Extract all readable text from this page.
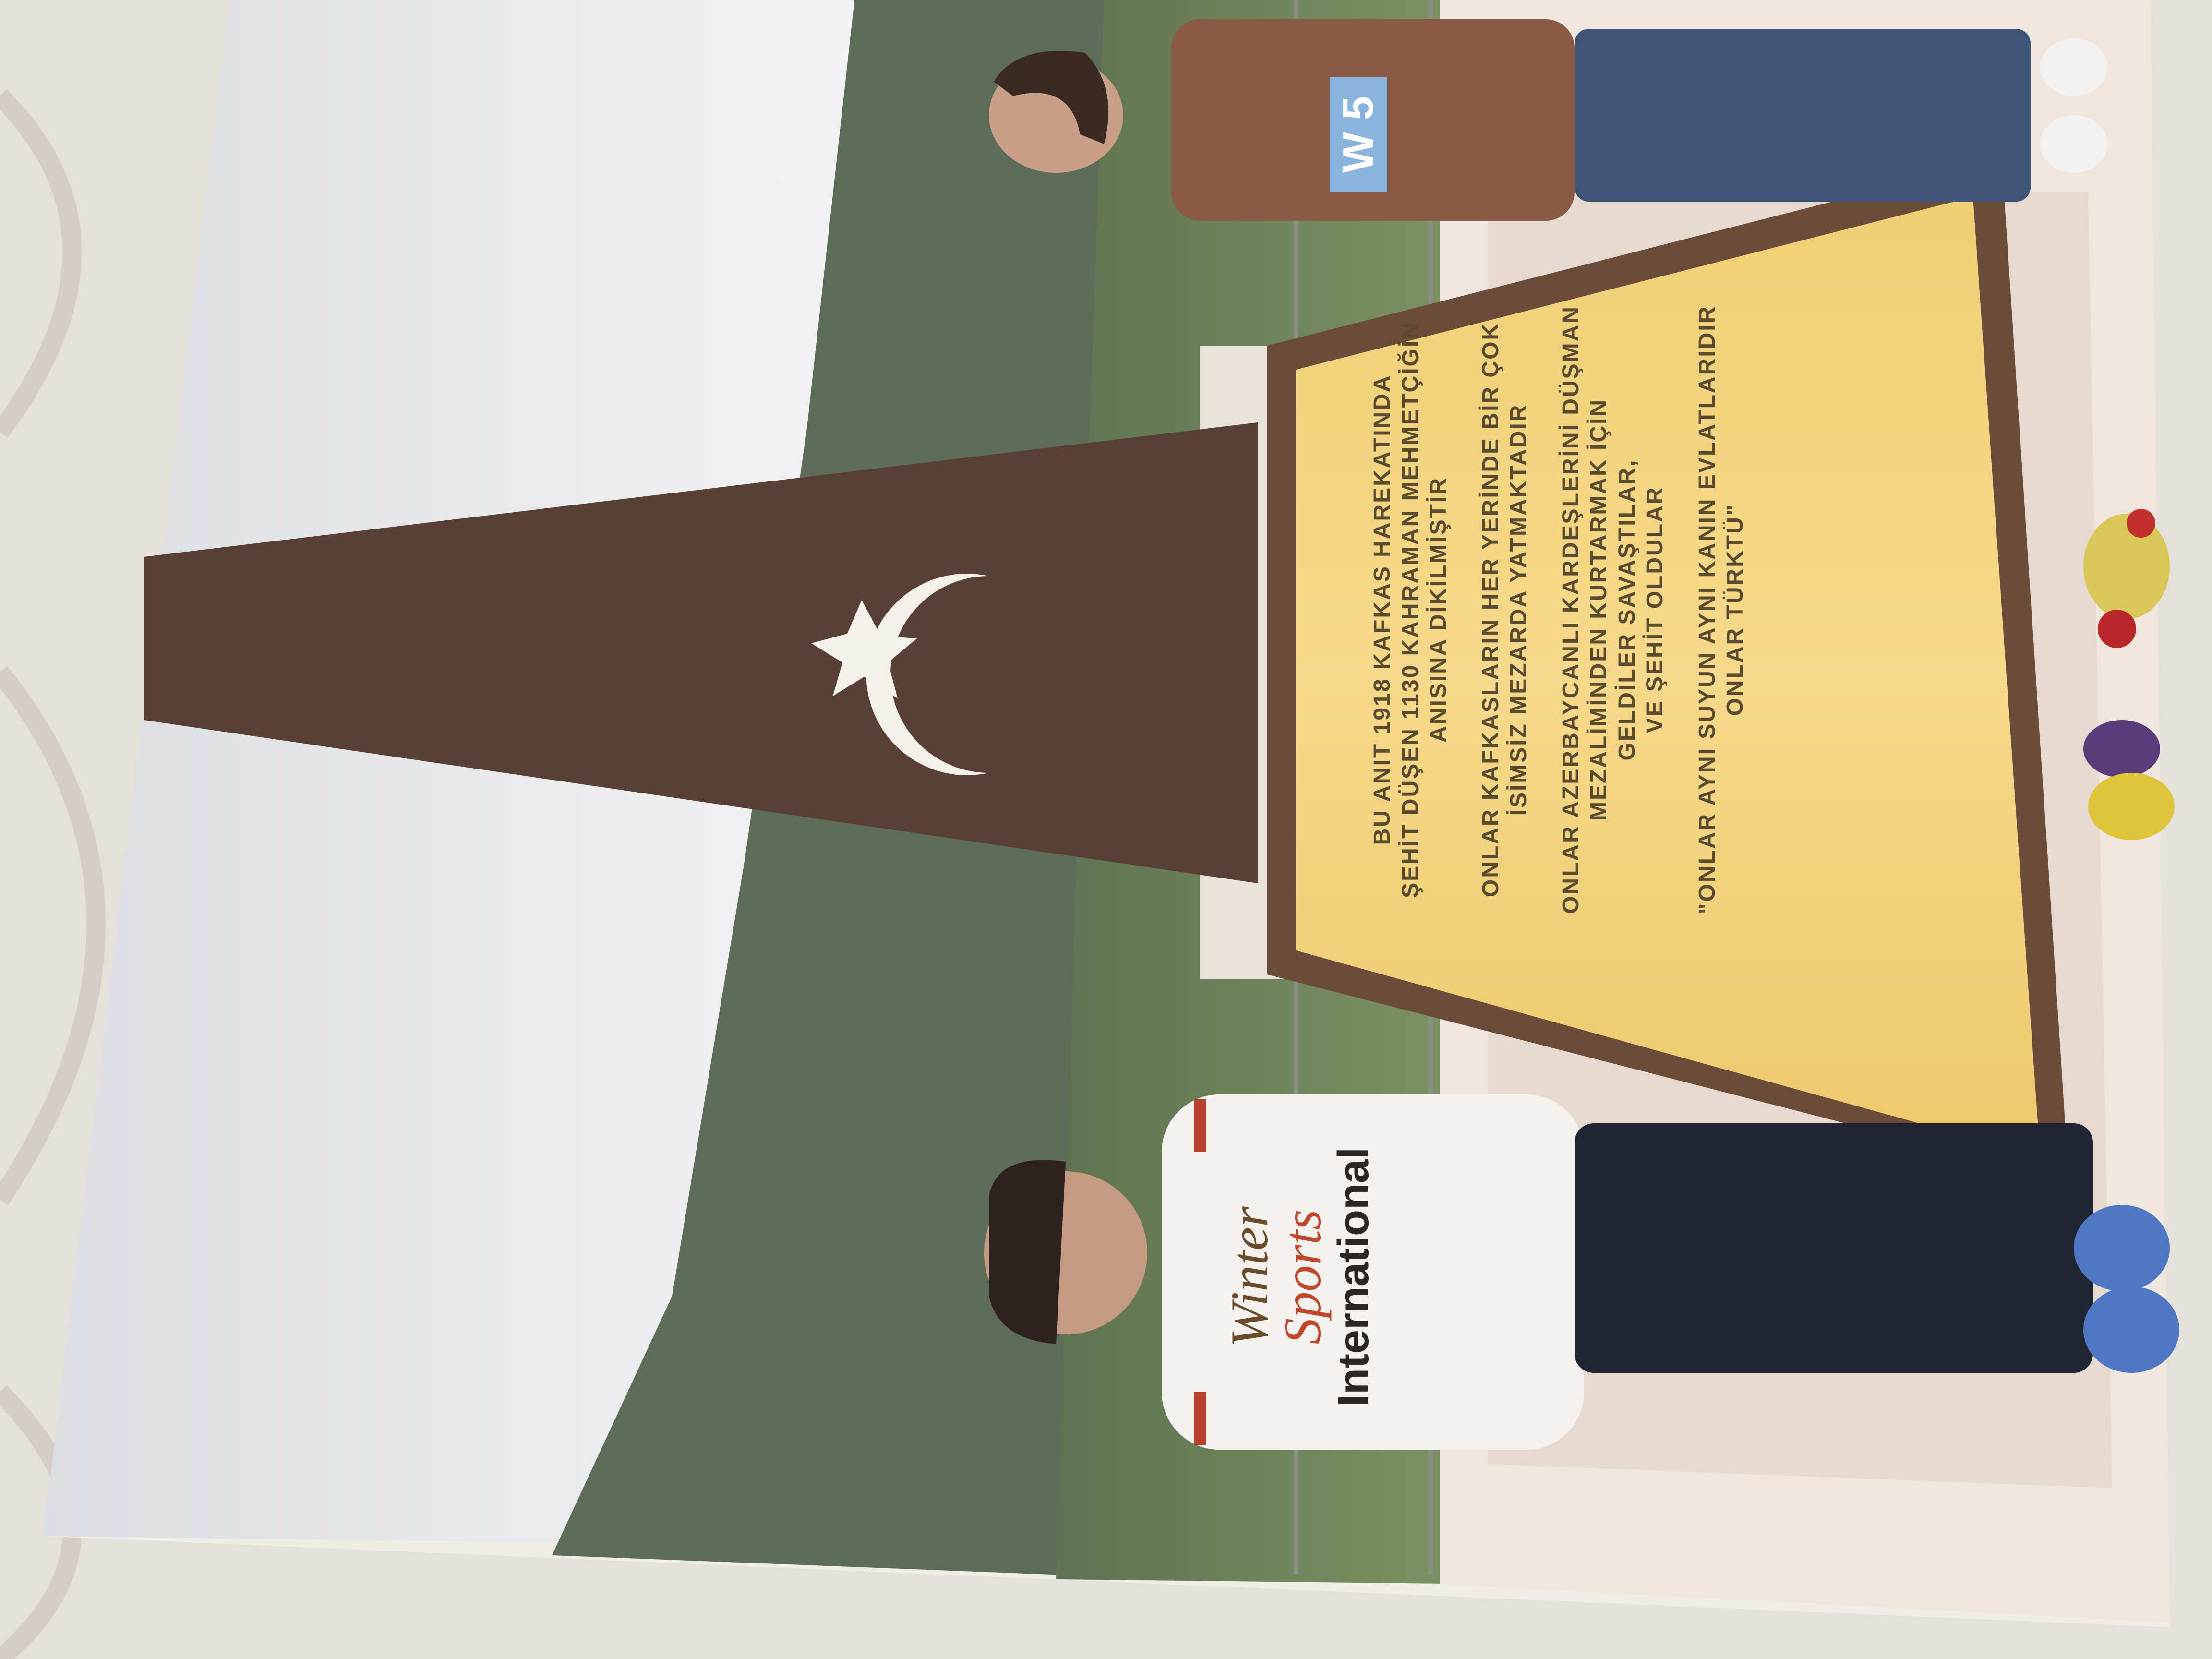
W 5
Winter
Sports
International

BU ANIT 1918 KAFKAS HAREKATINDA ŞEHİT DÜŞEN 1130 KAHRAMAN MEHMETÇİĞİN ANISINA DİKİLMİŞTİR ONLAR KAFKASLARIN HER YERİNDE BİR ÇOK İSİMSİZ MEZARDA YATMAKTADIR ONLAR AZERBAYCANLI KARDEŞLERİNİ DÜŞMAN MEZALİMİNDEN KURTARMAK İÇİN GELDİLER SAVAŞTILAR, VE ŞEHİT OLDULAR "ONLAR AYNI SUYUN AYNI KANIN EVLATLARIDIR ONLAR TÜRKTÜ"
